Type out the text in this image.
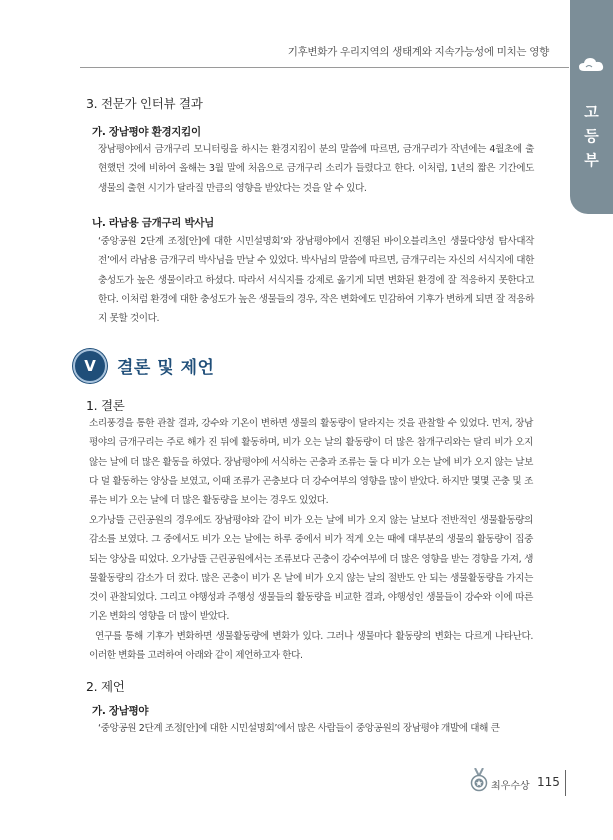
기후변화가 우리지역의 생태계와 지속가능성에 미치는 영향
고
등
부
3. 전문가 인터뷰 결과
가. 장남평야 환경지킴이

장남평야에서 금개구리 모니터링을 하시는 환경지킴이 분의 말씀에 따르면, 금개구리가 작년에는 4월초에 출현했던 것에 비하여 올해는 3월 말에 처음으로 금개구리 소리가 들렸다고 한다. 이처럼, 1년의 짧은 기간에도 생물의 출현 시기가 달라질 만큼의 영향을 받았다는 것을 알 수 있다.

나. 라남용 금개구리 박사님

‘중앙공원 2단계 조정[안]에 대한 시민설명회’와 장남평야에서 진행된 바이오블리츠인 생물다양성 탐사대작전’에서 라남용 금개구리 박사님을 만날 수 있었다. 박사님의 말씀에 따르면, 금개구리는 자신의 서식지에 대한 충성도가 높은 생물이라고 하셨다. 따라서 서식지를 강제로 옮기게 되면 변화된 환경에 잘 적응하지 못한다고 한다. 이처럼 환경에 대한 충성도가 높은 생물들의 경우, 작은 변화에도 민감하여 기후가 변하게 되면 잘 적응하지 못할 것이다.

V	결론 및 제언
1. 결론

소리풍경을 통한 관찰 결과, 강수와 기온이 변하면 생물의 활동량이 달라지는 것을 관찰할 수 있었다. 먼저, 장남평야의 금개구리는 주로 해가 진 뒤에 활동하며, 비가 오는 날의 활동량이 더 많은 참개구리와는 달리 비가 오지 않는 날에 더 많은 활동을 하였다. 장남평야에 서식하는 곤충과 조류는 둘 다 비가 오는 날에 비가 오지 않는 날보다 덜 활동하는 양상을 보였고, 이때 조류가 곤충보다 더 강수여부의 영향을 많이 받았다. 하지만 몇몇 곤충 및 조류는 비가 오는 날에 더 많은 활동량을 보이는 경우도 있었다.

오가낭뜰 근린공원의 경우에도 장남평야와 같이 비가 오는 날에 비가 오지 않는 날보다 전반적인 생물활동량의 감소를 보였다. 그 중에서도 비가 오는 날에는 하루 중에서 비가 적게 오는 때에 대부분의 생물의 활동량이 집중되는 양상을 띠었다. 오가낭뜰 근린공원에서는 조류보다 곤충이 강수여부에 더 많은 영향을 받는 경향을 가져, 생물활동량의 감소가 더 컸다. 많은 곤충이 비가 온 날에 비가 오지 않는 날의 절반도 안 되는 생물활동량을 가지는 것이 관찰되었다. 그리고 야행성과 주행성 생물들의 활동량을 비교한 결과, 야행성인 생물들이 강수와 이에 따른 기온 변화의 영향을 더 많이 받았다.

연구를 통해 기후가 변화하면 생물활동량에 변화가 있다. 그러나 생물마다 활동량의 변화는 다르게 나타난다. 이러한 변화를 고려하여 아래와 같이 제언하고자 한다.

2. 제언
가. 장남평야

‘중앙공원 2단계 조정[안]에 대한 시민설명회’에서 많은 사람들이 중앙공원의 장남평야 개발에 대해 큰

최우수상 115
